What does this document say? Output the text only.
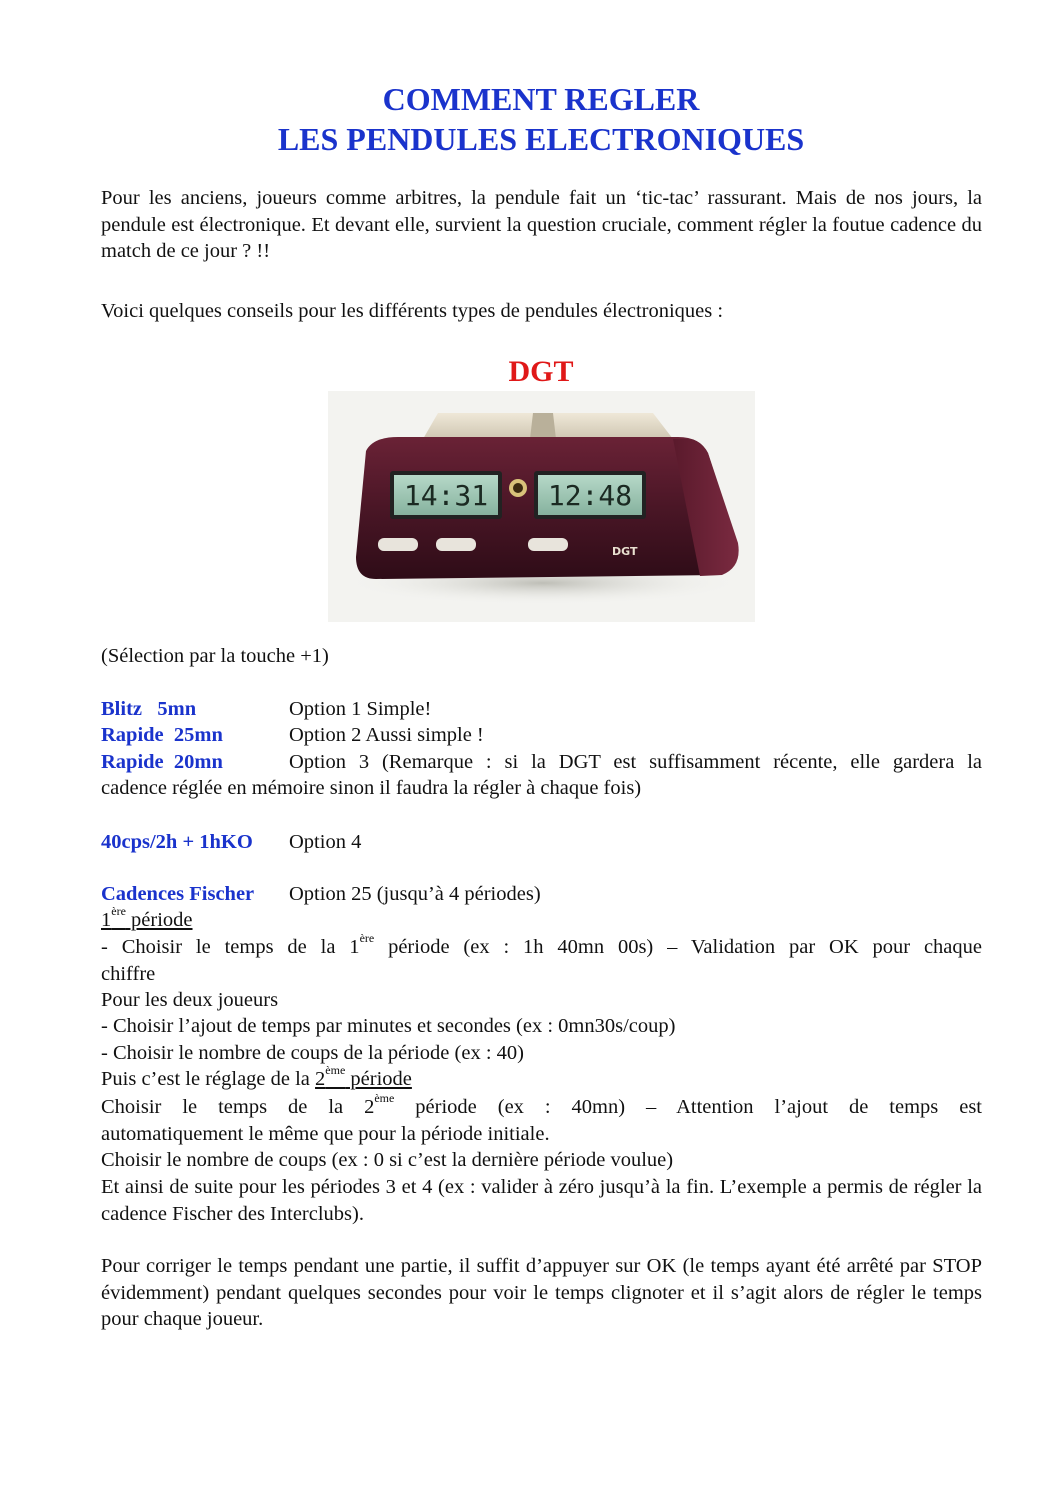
COMMENT REGLER
LES PENDULES ELECTRONIQUES
Pour les anciens, joueurs comme arbitres, la pendule fait un ‘tic-tac’ rassurant. Mais de nos jours, la pendule est électronique. Et devant elle, survient la question cruciale, comment régler la foutue cadence du match de ce jour ? !!
Voici quelques conseils pour les différents types de pendules électroniques :
DGT
14:31 12:48
DGT
(Sélection par la touche +1)
Blitz   5mn	Option 1 Simple!
Rapide  25mn	Option 2 Aussi simple !
Rapide  20mn	Option 3 (Remarque : si la DGT est suffisamment récente, elle gardera la
cadence réglée en mémoire sinon il faudra la régler à chaque fois)
40cps/2h + 1hKO Option 4
Cadences Fischer Option 25 (jusqu’à 4 périodes)
1ère période
- Choisir le temps de la 1ère période (ex : 1h 40mn 00s) – Validation par OK pour chaque
chiffre
Pour les deux joueurs
- Choisir l’ajout de temps par minutes et secondes (ex : 0mn30s/coup)
- Choisir le nombre de coups de la période (ex : 40)
Puis c’est le réglage de la 2ème période
Choisir le temps de la 2ème période (ex : 40mn) – Attention l’ajout de temps est
automatiquement le même que pour la période initiale.
Choisir le nombre de coups (ex : 0 si c’est la dernière période voulue)
Et ainsi de suite pour les périodes 3 et 4 (ex : valider à zéro jusqu’à la fin. L’exemple a permis de régler la cadence Fischer des Interclubs).
Pour corriger le temps pendant une partie, il suffit d’appuyer sur OK (le temps ayant été arrêté par STOP évidemment) pendant quelques secondes pour voir le temps clignoter et il s’agit alors de régler le temps pour chaque joueur.
